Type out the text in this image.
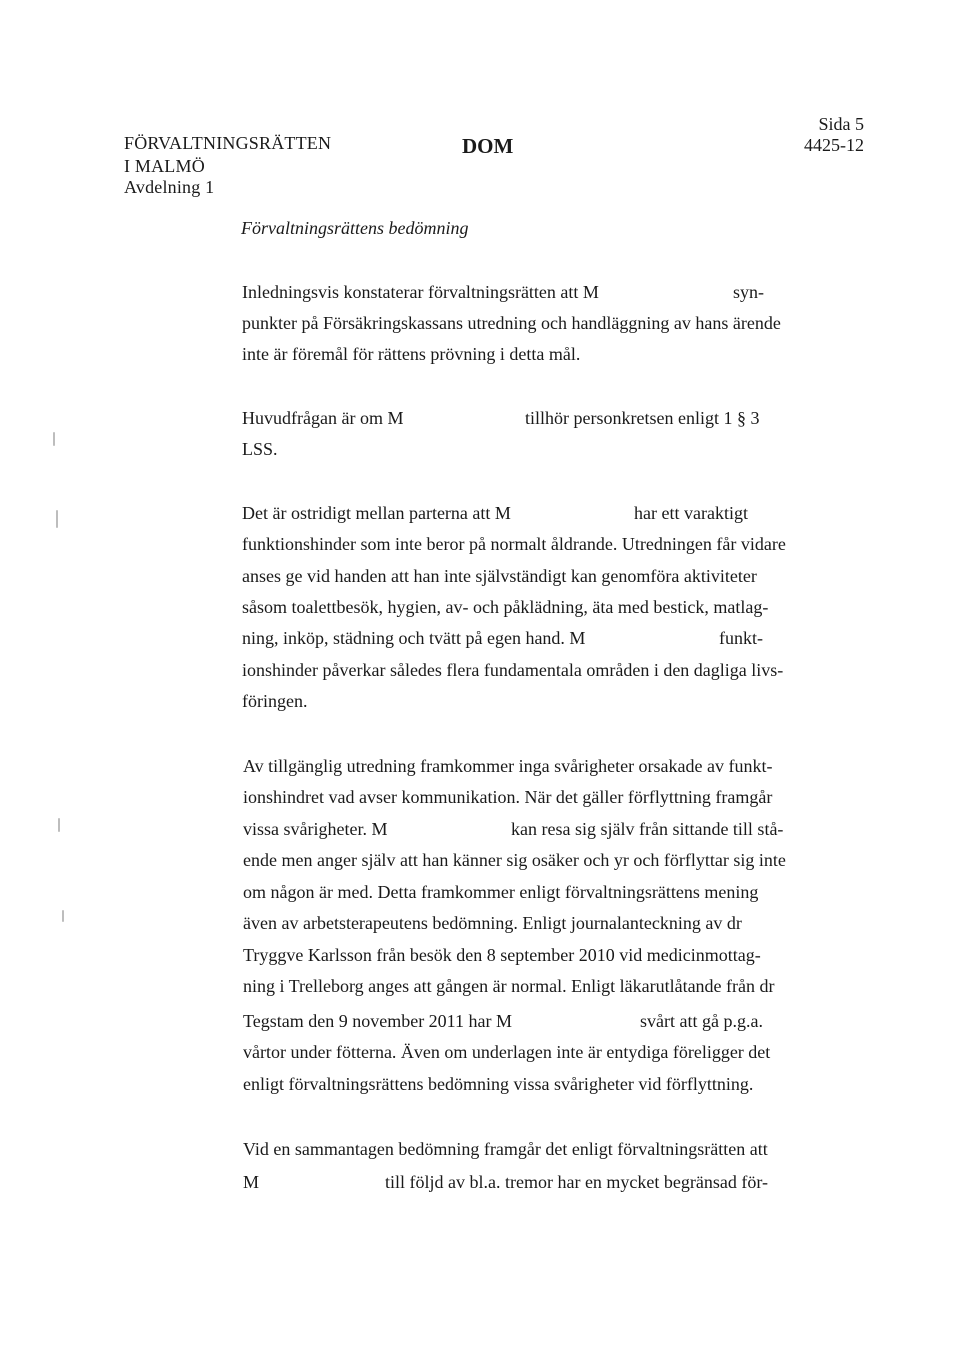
FÖRVALTNINGSRÄTTEN
I MALMÖ
Avdelning 1
DOM
Sida 5
4425-12
Förvaltningsrättens bedömning
Inledningsvis konstaterar förvaltningsrätten att M	syn-
punkter på Försäkringskassans utredning och handläggning av hans ärende
inte är föremål för rättens prövning i detta mål.
Huvudfrågan är om M	tillhör personkretsen enligt 1 § 3
LSS.
Det är ostridigt mellan parterna att M	har ett varaktigt
funktionshinder som inte beror på normalt åldrande. Utredningen får vidare
anses ge vid handen att han inte självständigt kan genomföra aktiviteter
såsom toalettbesök, hygien, av- och påklädning, äta med bestick, matlag-
ning, inköp, städning och tvätt på egen hand. M	funkt-
ionshinder påverkar således flera fundamentala områden i den dagliga livs-
föringen.
Av tillgänglig utredning framkommer inga svårigheter orsakade av funkt-
ionshindret vad avser kommunikation. När det gäller förflyttning framgår
vissa svårigheter. M	kan resa sig själv från sittande till stå-
ende men anger själv att han känner sig osäker och yr och förflyttar sig inte
om någon är med. Detta framkommer enligt förvaltningsrättens mening
även av arbetsterapeutens bedömning. Enligt journalanteckning av dr
Tryggve Karlsson från besök den 8 september 2010 vid medicinmottag-
ning i Trelleborg anges att gången är normal. Enligt läkarutlåtande från dr
Tegstam den 9 november 2011 har M	svårt att gå p.g.a.
vårtor under fötterna. Även om underlagen inte är entydiga föreligger det
enligt förvaltningsrättens bedömning vissa svårigheter vid förflyttning.
Vid en sammantagen bedömning framgår det enligt förvaltningsrätten att
M	till följd av bl.a. tremor har en mycket begränsad för-
